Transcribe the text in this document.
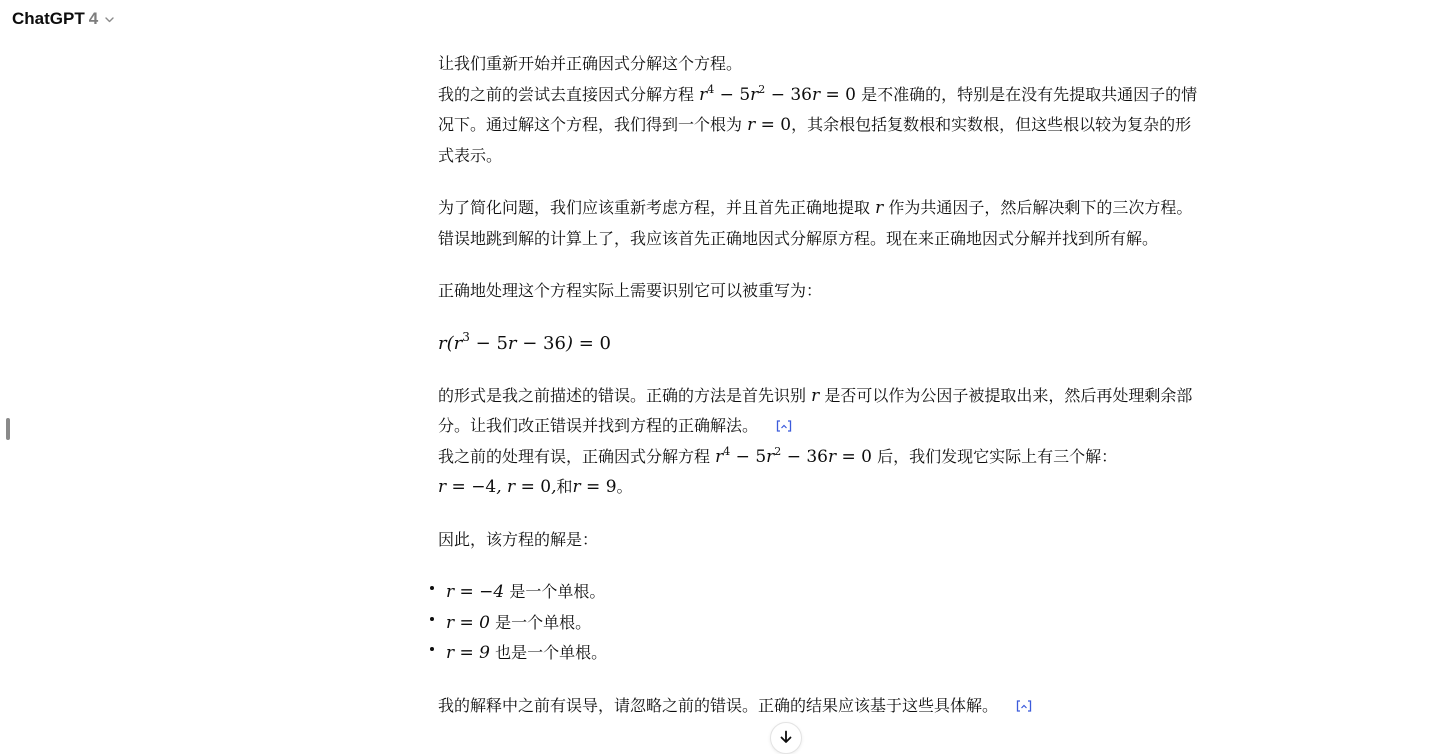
ChatGPT 4

让我们重新开始并正确因式分解这个方程。
我的之前的尝试去直接因式分解方程 $r^4 - 5r^2 - 36r = 0$ 是不准确的，特别是在没有先提取共通因子的情况下。通过解这个方程，我们得到一个根为 r = 0，其余根包括复数根和实数根，但这些根以较为复杂的形式表示。

为了简化问题，我们应该重新考虑方程，并且首先正确地提取 r 作为共通因子，然后解决剩下的三次方程。错误地跳到解的计算上了，我应该首先正确地因式分解原方程。现在来正确地因式分解并找到所有解。

正确地处理这个方程实际上需要识别它可以被重写为：

$r(r^3 - 5r - 36) = 0$

的形式是我之前描述的错误。正确的方法是首先识别 r 是否可以作为公因子被提取出来，然后再处理剩余部分。让我们改正错误并找到方程的正确解法。

我之前的处理有误，正确因式分解方程 $r^4 - 5r^2 - 36r = 0$ 后，我们发现它实际上有三个解：
r = −4, r = 0,和r = 9。

因此，该方程的解是：

r = −4 是一个单根。
r = 0 是一个单根。
r = 9 也是一个单根。

我的解释中之前有误导，请忽略之前的错误。正确的结果应该基于这些具体解。
